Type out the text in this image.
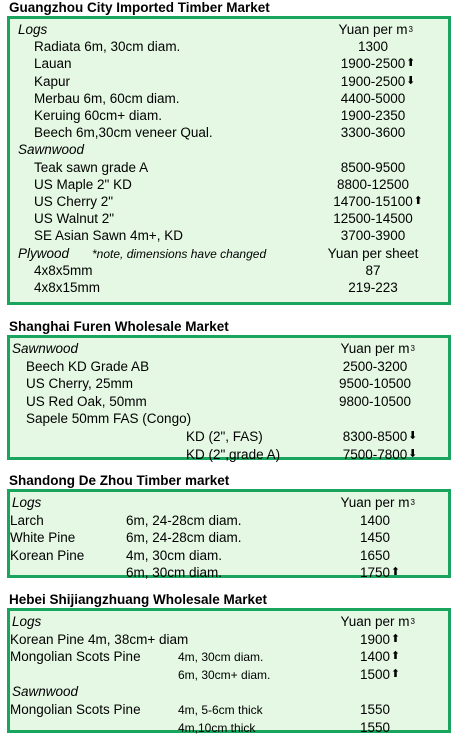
Guangzhou City Imported Timber Market
Logs	Yuan per m 3
Radiata 6m, 30cm diam.	1300
Lauan	1900-2500 ⬆
Kapur	1900-2500 ⬇
Merbau 6m, 60cm diam.	4400-5000
Keruing 60cm+ diam.	1900-2350
Beech 6m,30cm veneer Qual.	3300-3600
Sawnwood
Teak sawn grade A	8500-9500
US Maple 2" KD	8800-12500
US Cherry 2"	14700-15100 ⬆
US Walnut 2"	12500-14500
SE Asian Sawn 4m+, KD	3700-3900
Plywood *note, dimensions have changed	Yuan per sheet
4x8x5mm	87
4x8x15mm	219-223
Shanghai Furen Wholesale Market
Sawnwood	Yuan per m 3
Beech KD Grade AB	2500-3200
US Cherry, 25mm	9500-10500
US Red Oak, 50mm	9800-10500
Sapele 50mm FAS (Congo)
KD (2", FAS)	8300-8500 ⬇
KD (2",grade A)	7500-7800 ⬇
Shandong De Zhou Timber market
Logs	Yuan per m 3
Larch	6m, 24-28cm diam.	1400
White Pine	6m, 24-28cm diam.	1450
Korean Pine	4m, 30cm diam.	1650
6m, 30cm diam.	1750 ⬆
Hebei Shijiangzhuang Wholesale Market
Logs	Yuan per m 3
Korean Pine 4m, 38cm+ diam	1900 ⬆
Mongolian Scots Pine	4m, 30cm diam.	1400 ⬆
6m, 30cm+ diam.	1500 ⬆
Sawnwood
Mongolian Scots Pine	4m, 5-6cm thick	1550
4m,10cm thick	1550
